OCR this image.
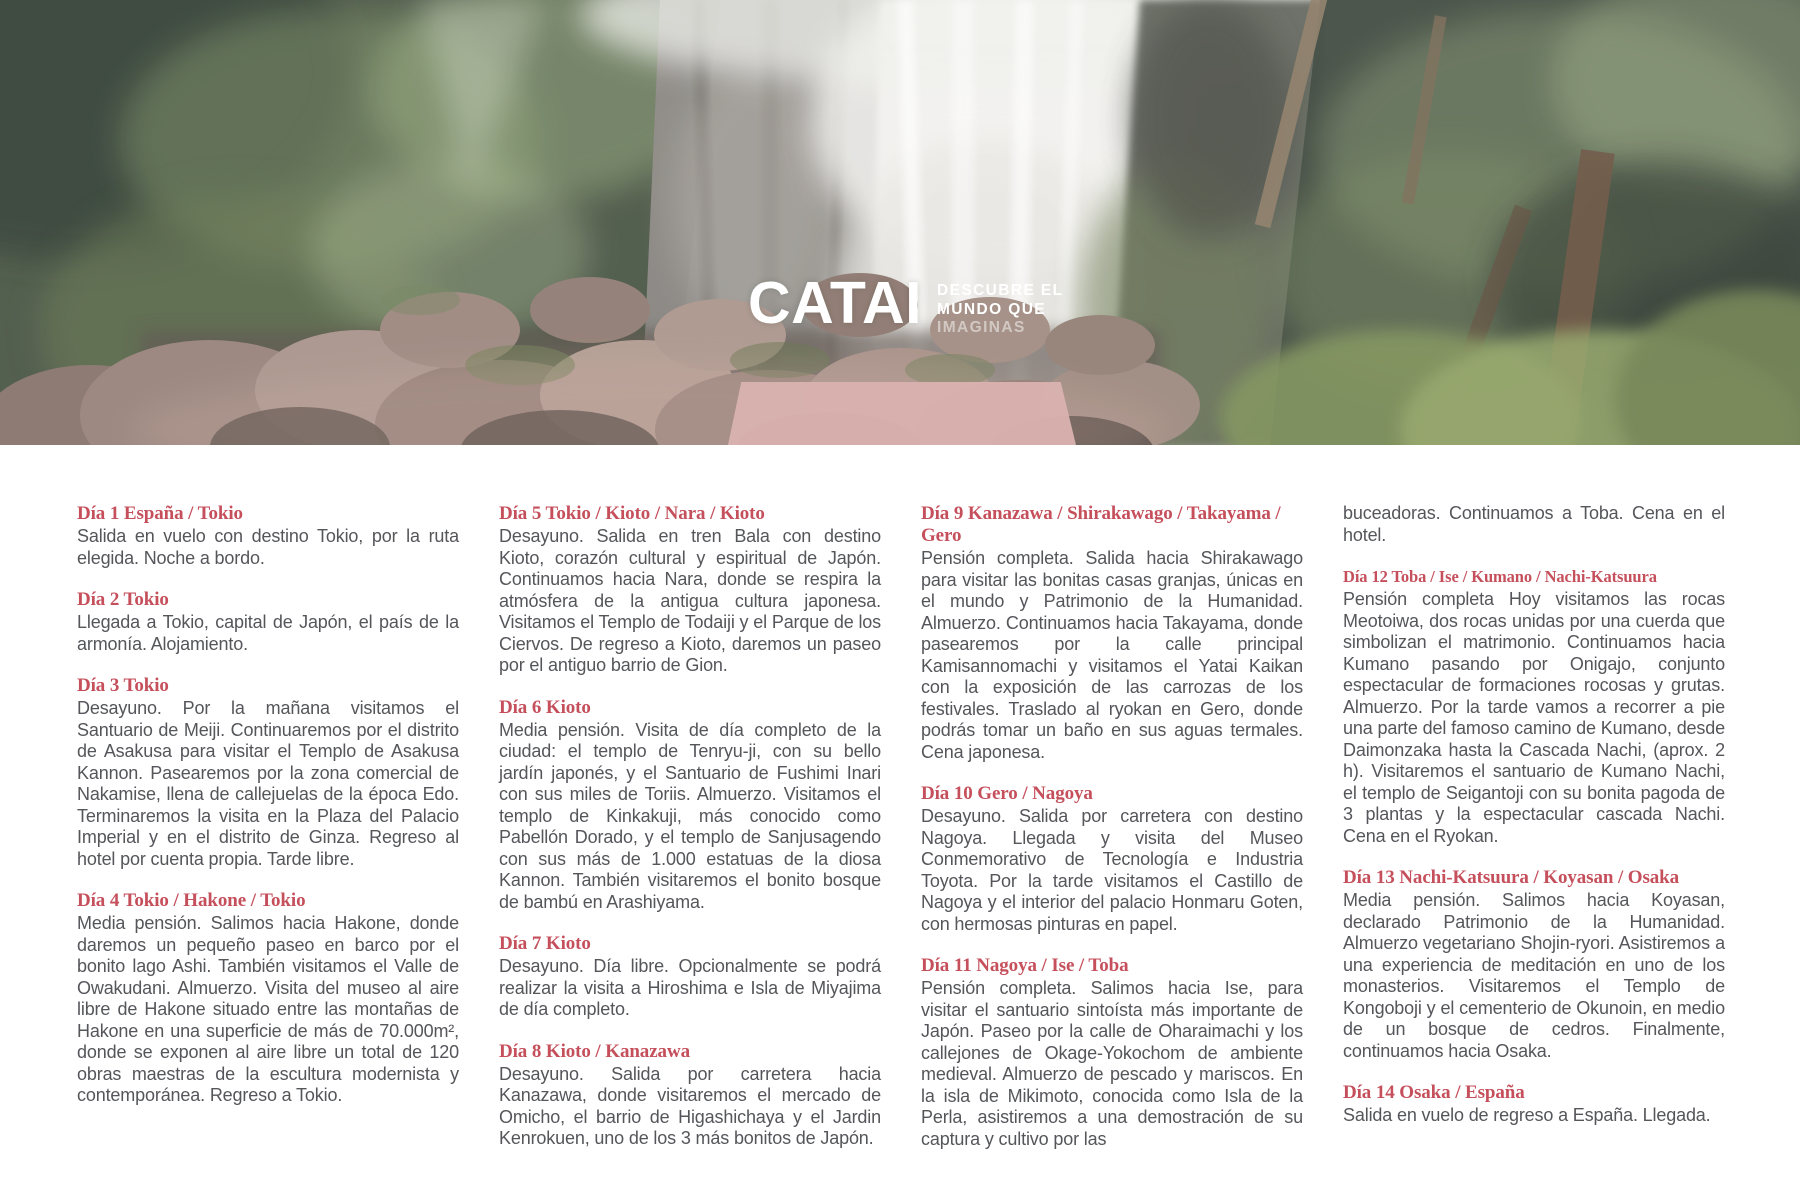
CATAI DESCUBRE EL
MUNDO QUE
IMAGINAS
Día 1 España / Tokio

Salida en vuelo con destino Tokio, por la ruta elegida. Noche a bordo.

Día 2 Tokio

Llegada a Tokio, capital de Japón, el país de la armonía. Alojamiento.

Día 3 Tokio

Desayuno. Por la mañana visitamos el Santuario de Meiji. Continuaremos por el distrito de Asakusa para visitar el Templo de Asakusa Kannon. Pasearemos por la zona comercial de Nakamise, llena de callejuelas de la época Edo. Terminaremos la visita en la Plaza del Palacio Imperial y en el distrito de Ginza. Regreso al hotel por cuenta propia. Tarde libre.

Día 4 Tokio / Hakone / Tokio

Media pensión. Salimos hacia Hakone, donde daremos un pequeño paseo en barco por el bonito lago Ashi. También visitamos el Valle de Owakudani. Almuerzo. Visita del museo al aire libre de Hakone situado entre las montañas de Hakone en una superficie de más de 70.000m², donde se exponen al aire libre un total de 120 obras maestras de la escultura modernista y contemporánea. Regreso a Tokio.

Día 5 Tokio / Kioto / Nara / Kioto

Desayuno. Salida en tren Bala con destino Kioto, corazón cultural y espiritual de Japón. Continuamos hacia Nara, donde se respira la atmósfera de la antigua cultura japonesa. Visitamos el Templo de Todaiji y el Parque de los Ciervos. De regreso a Kioto, daremos un paseo por el antiguo barrio de Gion.

Día 6 Kioto

Media pensión. Visita de día completo de la ciudad: el templo de Tenryu-ji, con su bello jardín japonés, y el Santuario de Fushimi Inari con sus miles de Toriis. Almuerzo. Visitamos el templo de Kinkakuji, más conocido como Pabellón Dorado, y el templo de Sanjusagendo con sus más de 1.000 estatuas de la diosa Kannon. También visitaremos el bonito bosque de bambú en Arashiyama.

Día 7 Kioto

Desayuno. Día libre. Opcionalmente se podrá realizar la visita a Hiroshima e Isla de Miyajima de día completo.

Día 8 Kioto / Kanazawa

Desayuno. Salida por carretera hacia Kanazawa, donde visitaremos el mercado de Omicho, el barrio de Higashichaya y el Jardin Kenrokuen, uno de los 3 más bonitos de Japón.

Día 9 Kanazawa / Shirakawago / Takayama / Gero

Pensión completa. Salida hacia Shirakawago para visitar las bonitas casas granjas, únicas en el mundo y Patrimonio de la Humanidad. Almuerzo. Continuamos hacia Takayama, donde pasearemos por la calle principal Kamisannomachi y visitamos el Yatai Kaikan con la exposición de las carrozas de los festivales. Traslado al ryokan en Gero, donde podrás tomar un baño en sus aguas termales. Cena japonesa.

Día 10 Gero / Nagoya

Desayuno. Salida por carretera con destino Nagoya. Llegada y visita del Museo Conmemorativo de Tecnología e Industria Toyota. Por la tarde visitamos el Castillo de Nagoya y el interior del palacio Honmaru Goten, con hermosas pinturas en papel.

Día 11 Nagoya / Ise / Toba

Pensión completa. Salimos hacia Ise, para visitar el santuario sintoísta más importante de Japón. Paseo por la calle de Oharaimachi y los callejones de Okage-Yokochom de ambiente medieval. Almuerzo de pescado y mariscos. En la isla de Mikimoto, conocida como Isla de la Perla, asistiremos a una demostración de su captura y cultivo por las

buceadoras. Continuamos a Toba. Cena en el hotel.

Día 12 Toba / Ise / Kumano / Nachi-Katsuura

Pensión completa Hoy visitamos las rocas Meotoiwa, dos rocas unidas por una cuerda que simbolizan el matrimonio. Continuamos hacia Kumano pasando por Onigajo, conjunto espectacular de formaciones rocosas y grutas. Almuerzo. Por la tarde vamos a recorrer a pie una parte del famoso camino de Kumano, desde Daimonzaka hasta la Cascada Nachi, (aprox. 2 h). Visitaremos el santuario de Kumano Nachi, el templo de Seigantoji con su bonita pagoda de 3 plantas y la espectacular cascada Nachi. Cena en el Ryokan.

Día 13 Nachi-Katsuura / Koyasan / Osaka

Media pensión. Salimos hacia Koyasan, declarado Patrimonio de la Humanidad. Almuerzo vegetariano Shojin-ryori. Asistiremos a una experiencia de meditación en uno de los monasterios. Visitaremos el Templo de Kongoboji y el cementerio de Okunoin, en medio de un bosque de cedros. Finalmente, continuamos hacia Osaka.

Día 14 Osaka / España

Salida en vuelo de regreso a España. Llegada.
